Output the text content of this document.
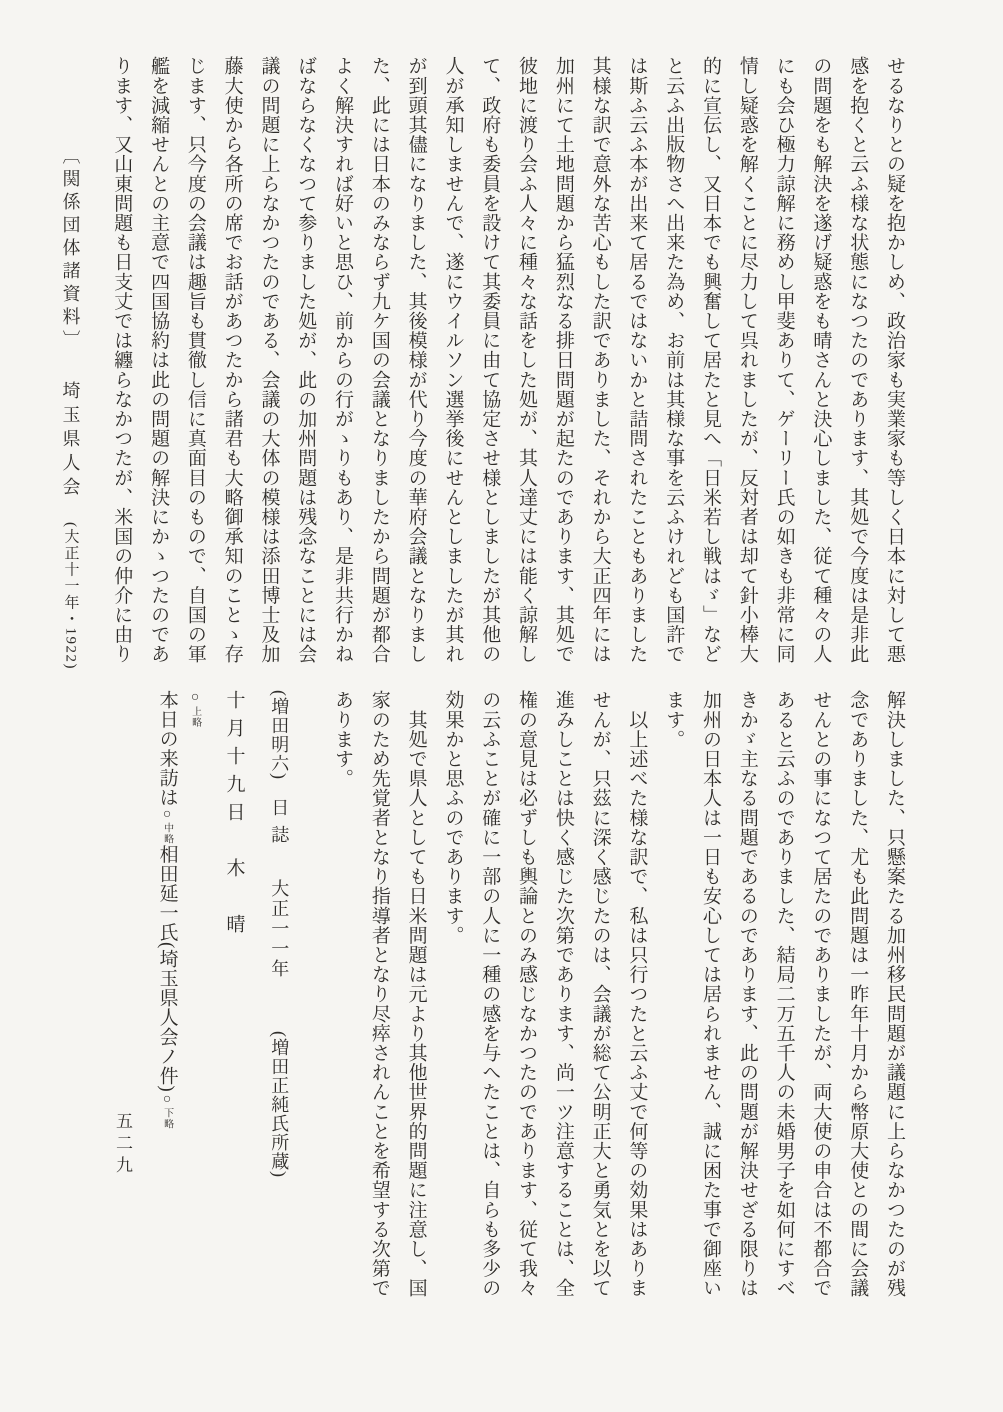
せるなりとの疑を抱かしめ、政治家も実業家も等しく日本に対して悪

感を抱くと云ふ様な状態になつたのであります、其処で今度は是非此

の問題をも解決を遂げ疑惑をも晴さんと決心しました、従て種々の人

にも会ひ極力諒解に務めし甲斐ありて、ゲーリー氏の如きも非常に同

情し疑惑を解くことに尽力して呉れましたが、反対者は却て針小棒大

的に宣伝し、又日本でも興奮して居たと見へ「日米若し戦はゞ」など

と云ふ出版物さへ出来た為め、お前は其様な事を云ふけれども国許で

は斯ふ云ふ本が出来て居るではないかと詰問されたこともありました

其様な訳で意外な苦心もした訳でありました、それから大正四年には

加州にて土地問題から猛烈なる排日問題が起たのであります、其処で

彼地に渡り会ふ人々に種々な話をした処が、其人達丈には能く諒解し

て、政府も委員を設けて其委員に由て協定させ様としましたが其他の

人が承知しませんで、遂にウイルソン選挙後にせんとしましたが其れ

が到頭其儘になりました、其後模様が代り今度の華府会議となりまし

た、此には日本のみならず九ケ国の会議となりましたから問題が都合

よく解決すれば好いと思ひ、前からの行がゝりもあり、是非共行かね

ばならなくなつて参りました処が、此の加州問題は残念なことには会

議の問題に上らなかつたのである、会議の大体の模様は添田博士及加

藤大使から各所の席でお話があつたから諸君も大略御承知のことゝ存

じます、只今度の会議は趣旨も貫徹し信に真面目のもので、自国の軍

艦を減縮せんとの主意で四国協約は此の問題の解決にかゝつたのであ

ります、又山東問題も日支丈では纏らなかつたが、米国の仲介に由り

〔関係団体諸資料〕 埼玉県人会 (大正十一年・1922)

解決しました、只懸案たる加州移民問題が議題に上らなかつたのが残

念でありました、尤も此問題は一昨年十月から幣原大使との間に会議

せんとの事になつて居たのでありましたが、両大使の申合は不都合で

あると云ふのでありました、結局二万五千人の未婚男子を如何にすべ

きかゞ主なる問題であるのであります、此の問題が解決せざる限りは

加州の日本人は一日も安心しては居られません、誠に困た事で御座い

ます。

　以上述べた様な訳で、私は只行つたと云ふ丈で何等の効果はありま

せんが、只茲に深く感じたのは、会議が総て公明正大と勇気とを以て

進みしことは快く感じた次第であります、尚一ツ注意することは、全

権の意見は必ずしも輿論とのみ感じなかつたのであります、従て我々

の云ふことが確に一部の人に一種の感を与へたことは、自らも多少の

効果かと思ふのであります。

　其処で県人としても日米問題は元より其他世界的問題に注意し、国

家のため先覚者となり指導者となり尽瘁されんことを希望する次第で

あります。

(増田明六) 日誌 大正一一年 (増田正純氏所蔵)

十月十九日　木　晴

○上略

本日の来訪は○中略相田延一氏(埼玉県人会ノ件)○下略

五二九
